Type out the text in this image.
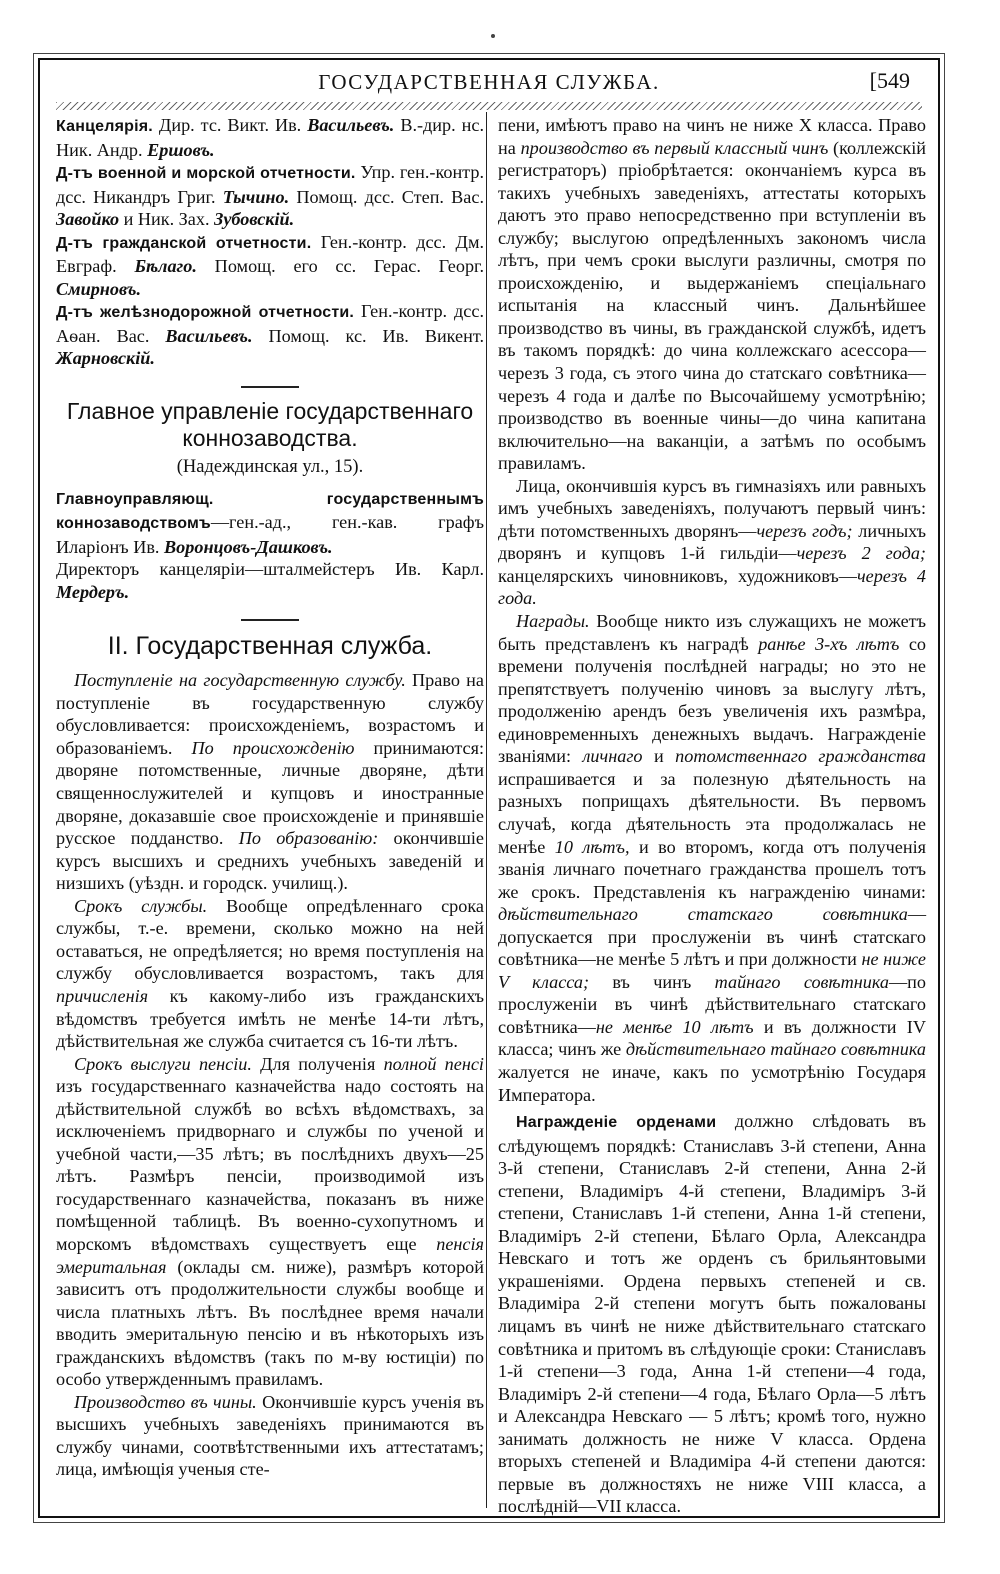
ГОСУДАРСТВЕННАЯ СЛУЖБА.	[549

Канцелярія. Дир. тс. Викт. Ив. Васильевъ. В.-дир. нс. Ник. Андр. Ершовъ.

Д-тъ военной и морской отчетности. Упр. ген.-контр. дсс. Никандръ Григ. Тычино. Помощ. дсс. Степ. Вас. Завойко и Ник. Зах. Зубовскій.

Д-тъ гражданской отчетности. Ген.-контр. дсс. Дм. Евграф. Бѣлаго. Помощ. его сс. Герас. Георг. Смирновъ.

Д-тъ желѣзнодорожной отчетности. Ген.-контр. дсс. Аѳан. Вас. Васильевъ. Помощ. кс. Ив. Викент. Жарновскій.

Главное управленіе государственнаго
коннозаводства.
(Надеждинская ул., 15).

Главноуправляющ. государственнымъ коннозаводствомъ—ген.-ад., ген.-кав. графъ Иларіонъ Ив. Воронцовъ-Дашковъ.

Директоръ канцеляріи—шталмейстеръ Ив. Карл. Мердеръ.

II. Государственная служба.

Поступленіе на государственную службу. Право на поступленіе въ государственную службу обусловливается: происхожденіемъ, возрастомъ и образованіемъ. По происхожденію принимаются: дворяне потомственные, личные дворяне, дѣти священнослужителей и купцовъ и иностранные дворяне, доказавшіе свое происхожденіе и принявшіе русское подданство. По образованію: окончившіе курсъ высшихъ и среднихъ учебныхъ заведеній и низшихъ (уѣздн. и городск. училищ.).

Срокъ службы. Вообще опредѣленнаго срока службы, т.-е. времени, сколько можно на ней оставаться, не опредѣляется; но время поступленія на службу обусловливается возрастомъ, такъ для причисленія къ какому-либо изъ гражданскихъ вѣдомствъ требуется имѣть не менѣе 14-ти лѣтъ, дѣйствительная же служба считается съ 16-ти лѣтъ.

Срокъ выслуги пенсіи. Для полученія полной пенсі изъ государственнаго казначейства надо состоять на дѣйствительной службѣ во всѣхъ вѣдомствахъ, за исключеніемъ придворнаго и службы по ученой и учебной части,—35 лѣтъ; въ послѣднихъ двухъ—25 лѣтъ. Размѣръ пенсіи, производимой изъ государственнаго казначейства, показанъ въ ниже помѣщенной таблицѣ. Въ военно-сухопутномъ и морскомъ вѣдомствахъ существуетъ еще пенсія эмеритальная (оклады см. ниже), размѣръ которой зависитъ отъ продолжительности службы вообще и числа платныхъ лѣтъ. Въ послѣднее время начали вводить эмеритальную пенсію и въ нѣкоторыхъ изъ гражданскихъ вѣдомствъ (такъ по м-ву юстиціи) по особо утвержденнымъ правиламъ.

Производство въ чины. Окончившіе курсъ ученія въ высшихъ учебныхъ заведеніяхъ принимаются въ службу чинами, соотвѣтственными ихъ аттестатамъ; лица, имѣющія ученыя сте-

пени, имѣютъ право на чинъ не ниже X класса. Право на производство въ первый классный чинъ (коллежскій регистраторъ) пріобрѣтается: окончаніемъ курса въ такихъ учебныхъ заведеніяхъ, аттестаты которыхъ даютъ это право непосредственно при вступленіи въ службу; выслугою опредѣленныхъ закономъ числа лѣтъ, при чемъ сроки выслуги различны, смотря по происхожденію, и выдержаніемъ спеціальнаго испытанія на классный чинъ. Дальнѣйшее производство въ чины, въ гражданской службѣ, идетъ въ такомъ порядкѣ: до чина коллежскаго асессора—черезъ 3 года, съ этого чина до статскаго совѣтника—черезъ 4 года и далѣе по Высочайшему усмотрѣнію; производство въ военные чины—до чина капитана включительно—на ваканціи, а затѣмъ по особымъ правиламъ.

Лица, окончившія курсъ въ гимназіяхъ или равныхъ имъ учебныхъ заведеніяхъ, получаютъ первый чинъ: дѣти потомственныхъ дворянъ—черезъ годъ; личныхъ дворянъ и купцовъ 1-й гильдіи—черезъ 2 года; канцелярскихъ чиновниковъ, художниковъ—черезъ 4 года.

Награды. Вообще никто изъ служащихъ не можетъ быть представленъ къ наградѣ ранѣе 3-хъ лѣтъ со времени полученія послѣдней награды; но это не препятствуетъ полученію чиновъ за выслугу лѣтъ, продолженію арендъ безъ увеличенія ихъ размѣра, единовременныхъ денежныхъ выдачъ. Награжденіе званіями: личнаго и потомственнаго гражданства испрашивается и за полезную дѣятельность на разныхъ поприщахъ дѣятельности. Въ первомъ случаѣ, когда дѣятельность эта продолжалась не менѣе 10 лѣтъ, и во второмъ, когда отъ полученія званія личнаго почетнаго гражданства прошелъ тотъ же срокъ. Представленія къ награжденію чинами: дѣйствительнаго статскаго совѣтника—допускается при прослуженіи въ чинѣ статскаго совѣтника—не менѣе 5 лѣтъ и при должности не ниже V класса; въ чинъ тайнаго совѣтника—по прослуженіи въ чинѣ дѣйствительнаго статскаго совѣтника—не менѣе 10 лѣтъ и въ должности IV класса; чинъ же дѣйствительнаго тайнаго совѣтника жалуется не иначе, какъ по усмотрѣнію Государя Императора.

Награжденіе орденами должно слѣдовать въ слѣдующемъ порядкѣ: Станиславъ 3-й степени, Анна 3-й степени, Станиславъ 2-й степени, Анна 2-й степени, Владиміръ 4-й степени, Владиміръ 3-й степени, Станиславъ 1-й степени, Анна 1-й степени, Владиміръ 2-й степени, Бѣлаго Орла, Александра Невскаго и тотъ же орденъ съ брильянтовыми украшеніями. Ордена первыхъ степеней и св. Владиміра 2-й степени могутъ быть пожалованы лицамъ въ чинѣ не ниже дѣйствительнаго статскаго совѣтника и притомъ въ слѣдующіе сроки: Станиславъ 1-й степени—3 года, Анна 1-й степени—4 года, Владиміръ 2-й степени—4 года, Бѣлаго Орла—5 лѣтъ и Александра Невскаго — 5 лѣтъ; кромѣ того, нужно занимать должность не ниже V класса. Ордена вторыхъ степеней и Владиміра 4-й степени даются: первые въ должностяхъ не ниже VIII класса, а послѣдній—VII класса.
